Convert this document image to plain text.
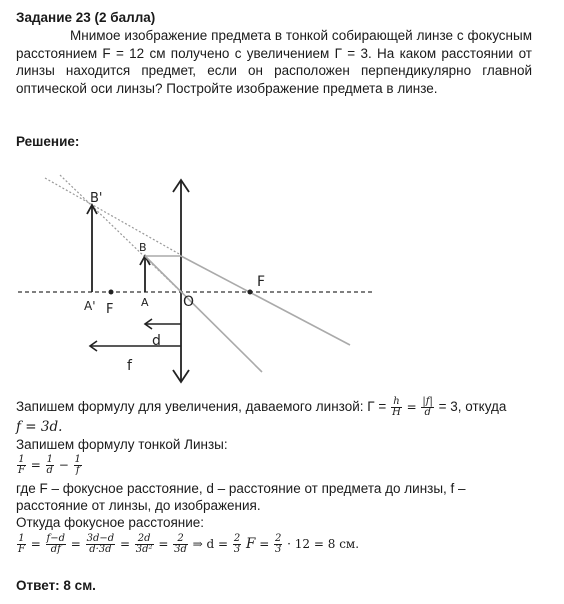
Задание 23 (2 балла)
Мнимое изображение предмета в тонкой собирающей линзе с фокусным расстоянием F = 12 см получено с увеличением Γ = 3. На каком расстоянии от линзы находится предмет, если он расположен перпендикулярно главной оптической оси линзы? Постройте изображение предмета в линзе.
Решение:
B'
B
A' F	A O
F
d
f
Запишем формулу для увеличения, даваемого линзой: $\Gamma = \frac{h}{H} = \frac{|f|}{d} = 3$, откуда
f = 3d.
Запишем формулу тонкой Линзы:
$\frac{1}{F} = \frac{1}{d} - \frac{1}{f}$
где F – фокусное расстояние, d – расстояние от предмета до линзы, f –
расстояние от линзы, до изображения.
Откуда фокусное расстояние:
$\frac{1}{F} = \frac{f-d}{df} = \frac{3d-d}{d\cdot 3d} = \frac{2d}{\text{3d²}} = \frac{2}{3d}$ ⇒ $d = \frac{2}{3}$ $F = \frac{2}{3} \cdot 12 = 8$ см.
Ответ: 8 см.
